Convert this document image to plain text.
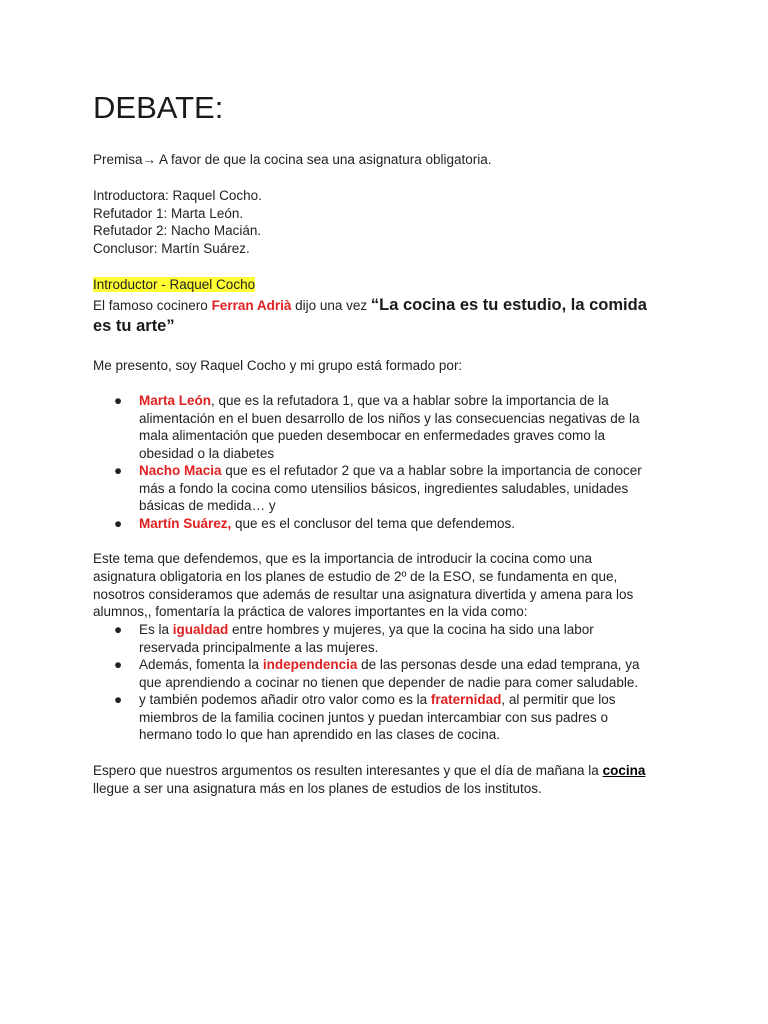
DEBATE:

Premisa→ A favor de que la cocina sea una asignatura obligatoria.

Introductora: Raquel Cocho.

Refutador 1: Marta León.

Refutador 2: Nacho Macián.

Conclusor: Martín Suárez.

Introductor - Raquel Cocho

El famoso cocinero Ferran Adrià dijo una vez “La cocina es tu estudio, la comida

es tu arte”

Me presento, soy Raquel Cocho y mi grupo está formado por:

● Marta León, que es la refutadora 1, que va a hablar sobre la importancia de la
alimentación en el buen desarrollo de los niños y las consecuencias negativas de la
mala alimentación que pueden desembocar en enfermedades graves como la
obesidad o la diabetes
● Nacho Macia que es el refutador 2 que va a hablar sobre la importancia de conocer
más a fondo la cocina como utensilios básicos, ingredientes saludables, unidades
básicas de medida… y
● Martín Suárez, que es el conclusor del tema que defendemos.

Este tema que defendemos, que es la importancia de introducir la cocina como una

asignatura obligatoria en los planes de estudio de 2º de la ESO, se fundamenta en que,

nosotros consideramos que además de resultar una asignatura divertida y amena para los

alumnos,, fomentaría la práctica de valores importantes en la vida como:

● Es la igualdad entre hombres y mujeres, ya que la cocina ha sido una labor
reservada principalmente a las mujeres.
● Además, fomenta la independencia de las personas desde una edad temprana, ya
que aprendiendo a cocinar no tienen que depender de nadie para comer saludable.
● y también podemos añadir otro valor como es la fraternidad, al permitir que los
miembros de la familia cocinen juntos y puedan intercambiar con sus padres o
hermano todo lo que han aprendido en las clases de cocina.

Espero que nuestros argumentos os resulten interesantes y que el día de mañana la cocina

llegue a ser una asignatura más en los planes de estudios de los institutos.
